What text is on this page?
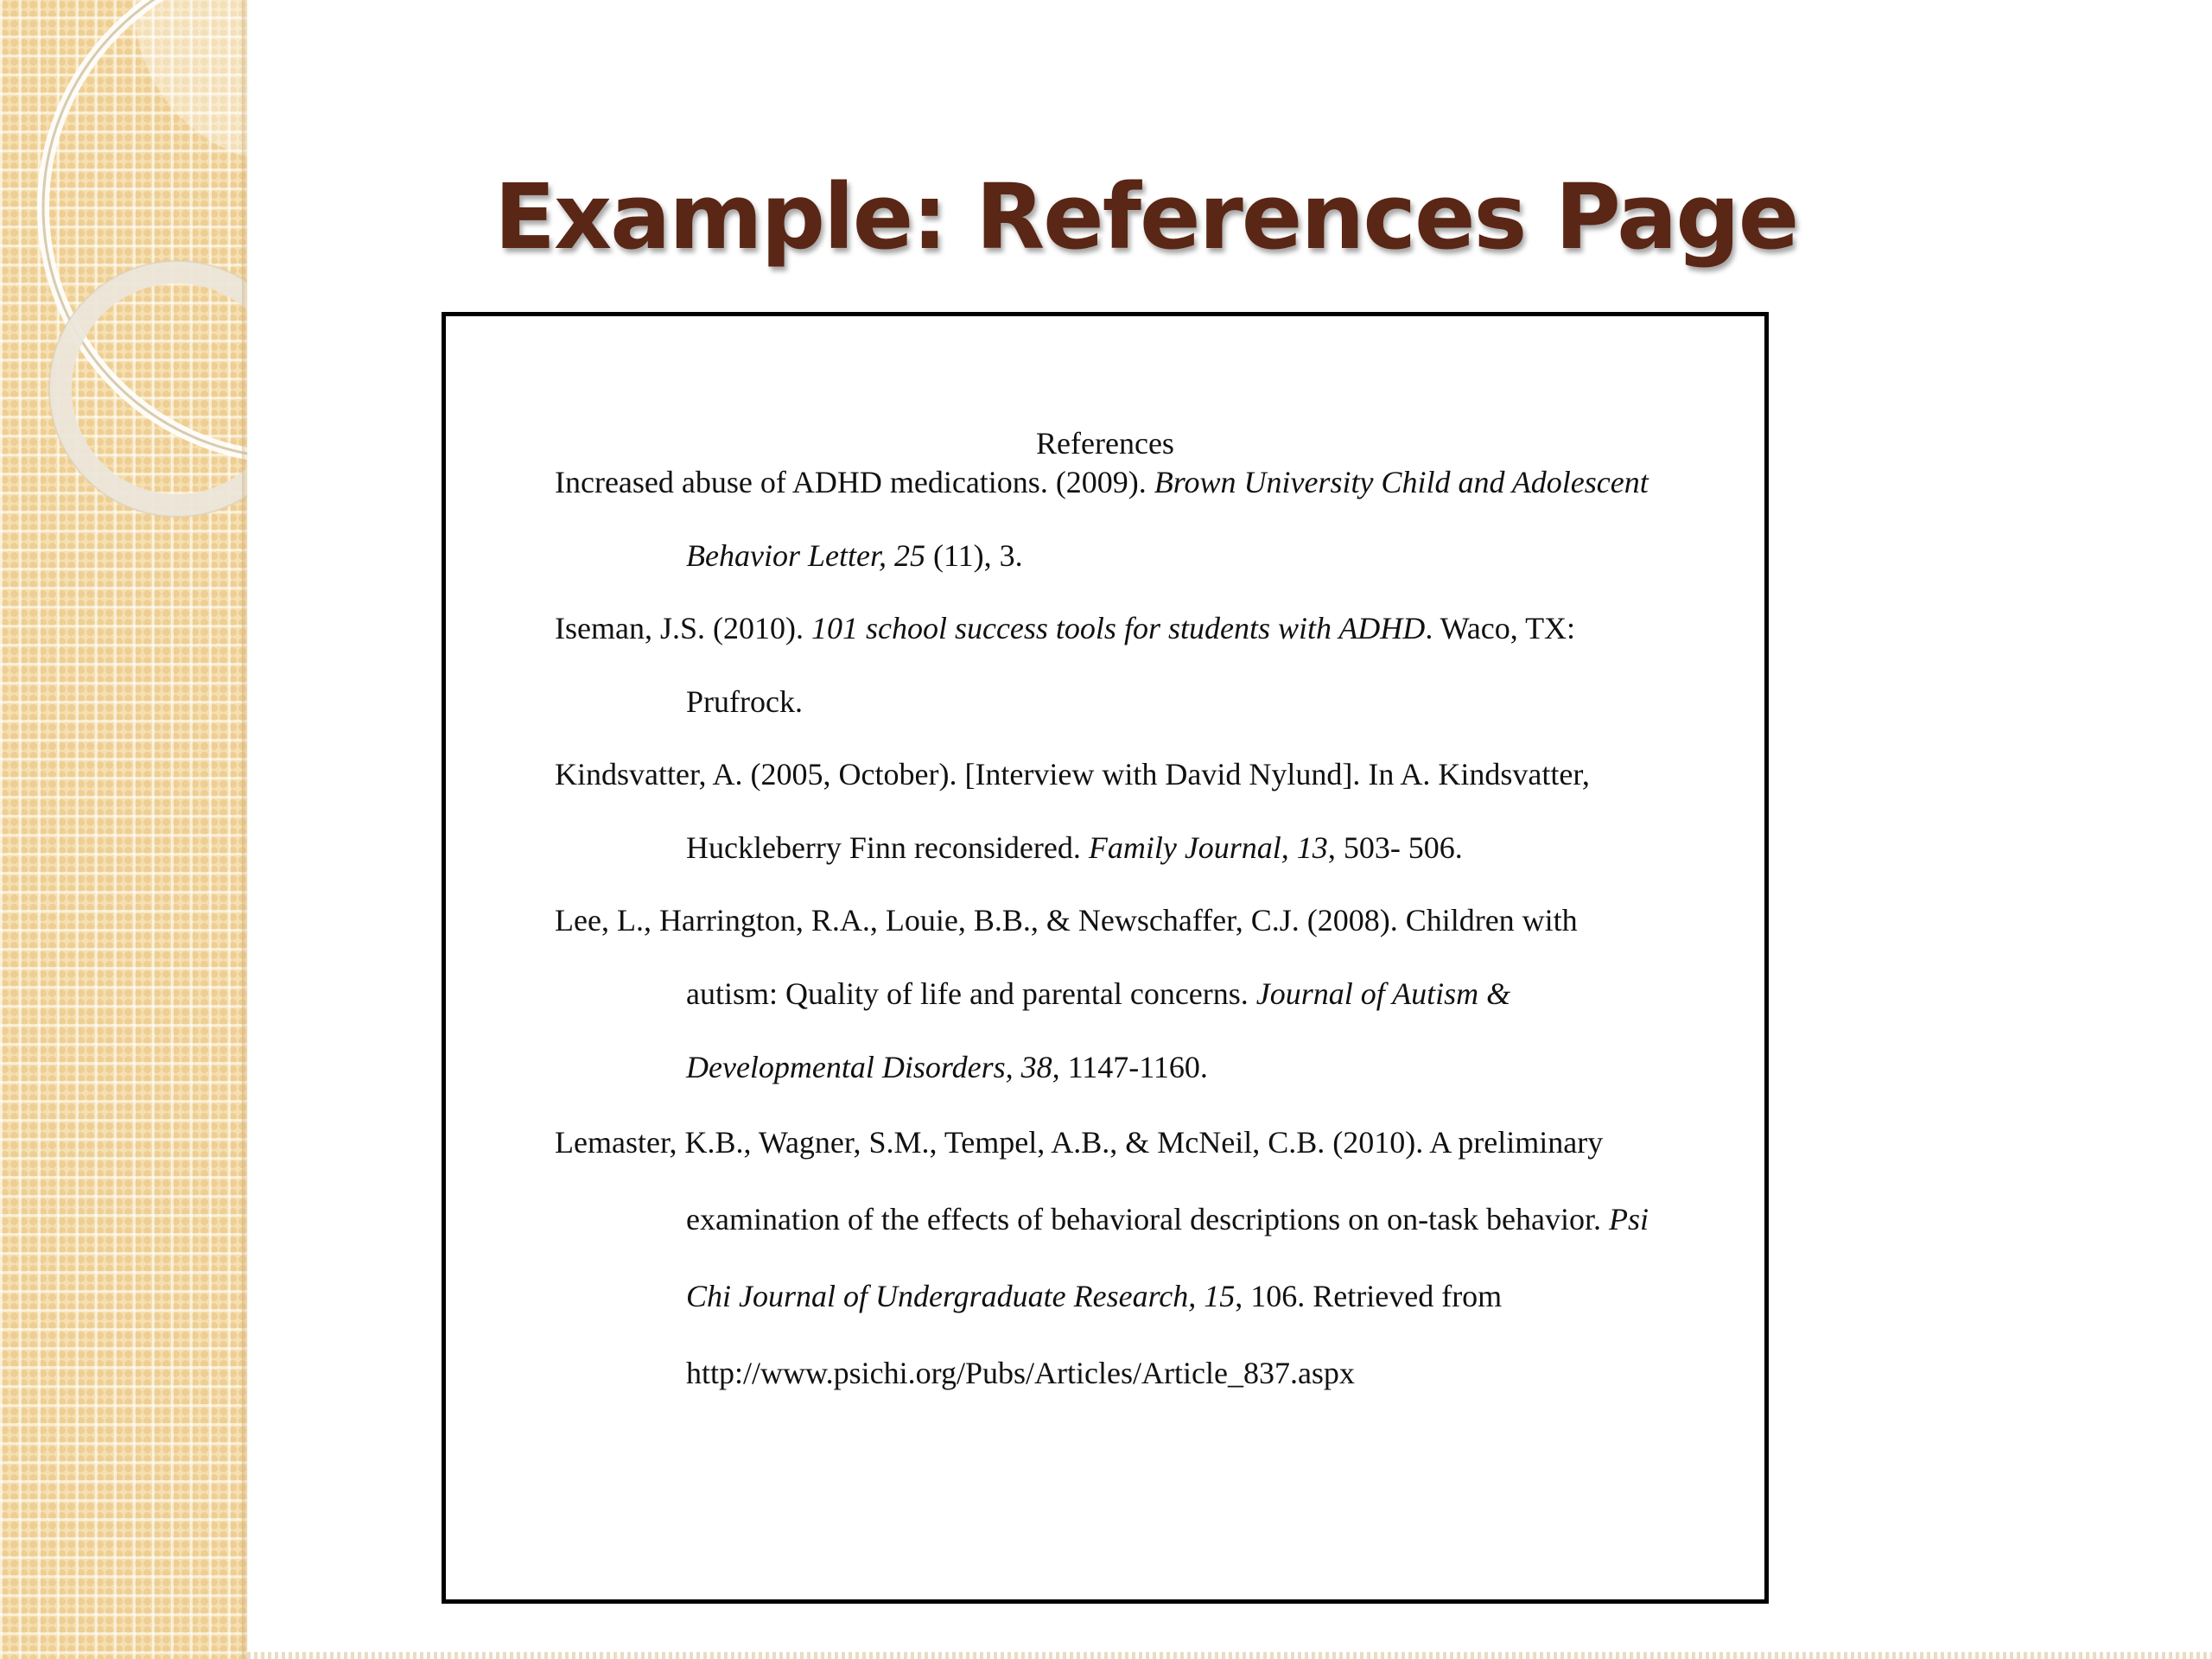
Example: References Page
References
Increased abuse of ADHD medications. (2009). Brown University Child and Adolescent
Behavior Letter, 25 (11), 3.
Iseman, J.S. (2010). 101 school success tools for students with ADHD. Waco, TX:
Prufrock.
Kindsvatter, A. (2005, October). [Interview with David Nylund]. In A. Kindsvatter,
Huckleberry Finn reconsidered. Family Journal, 13, 503- 506.
Lee, L., Harrington, R.A., Louie, B.B., & Newschaffer, C.J. (2008). Children with
autism: Quality of life and parental concerns. Journal of Autism &
Developmental Disorders, 38, 1147-1160.
Lemaster, K.B., Wagner, S.M., Tempel, A.B., & McNeil, C.B. (2010). A preliminary
examination of the effects of behavioral descriptions on on-task behavior. Psi
Chi Journal of Undergraduate Research, 15, 106. Retrieved from
http://www.psichi.org/Pubs/Articles/Article_837.aspx
